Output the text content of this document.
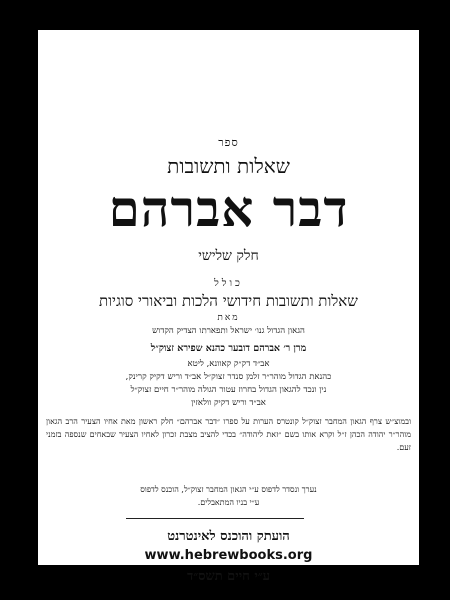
ספר
שאלות ותשובות
דבר אברהם
חלק שלישי
כולל
שאלות ותשובות חידושי הלכות וביאורי סוגיות
מאת
הגאון הגדול גנו׳ ישראל ותפארתו הצדיק הקדוש
מרן ר׳ אברהם דובער כהנא שפירא זצוק״ל
אב״ד דק״ק קאוונא, ליטא
כהנאת הגדול מוהר״ר זלמן סנדר זצוק״ל אב״ד וריש דקיק קרינק,
נין ונכד להגאון הגדול בחרוז עטור הגולה מוהר״ר חיים זצוק״ל
אב״ד וריש דקיק וולאזין
ובמוצ״ש צרף הגאון המחבר זצוק״ל קונטרס הערות על ספרו ״דבר אברהם״ חלק ראשון מאת אחיו הצעיר הרב הגאון מוהר״ר יהודה הכהן ז״ל וקרא אותו בשם ״זאת ליהודה״ בכדי להציב מצבת זכרון לאחיו הצעיר שבאחים שנספה בזמני זעם.
נערך ונסדר לדפוס ע״י הגאון המחבר זצוק״ל, הוכנס לדפוס
ע״י בניו המתאבלים.
הועתק והוכנס לאינטרנט
www.hebrewbooks.org
ע״י חיים תשס״ד
